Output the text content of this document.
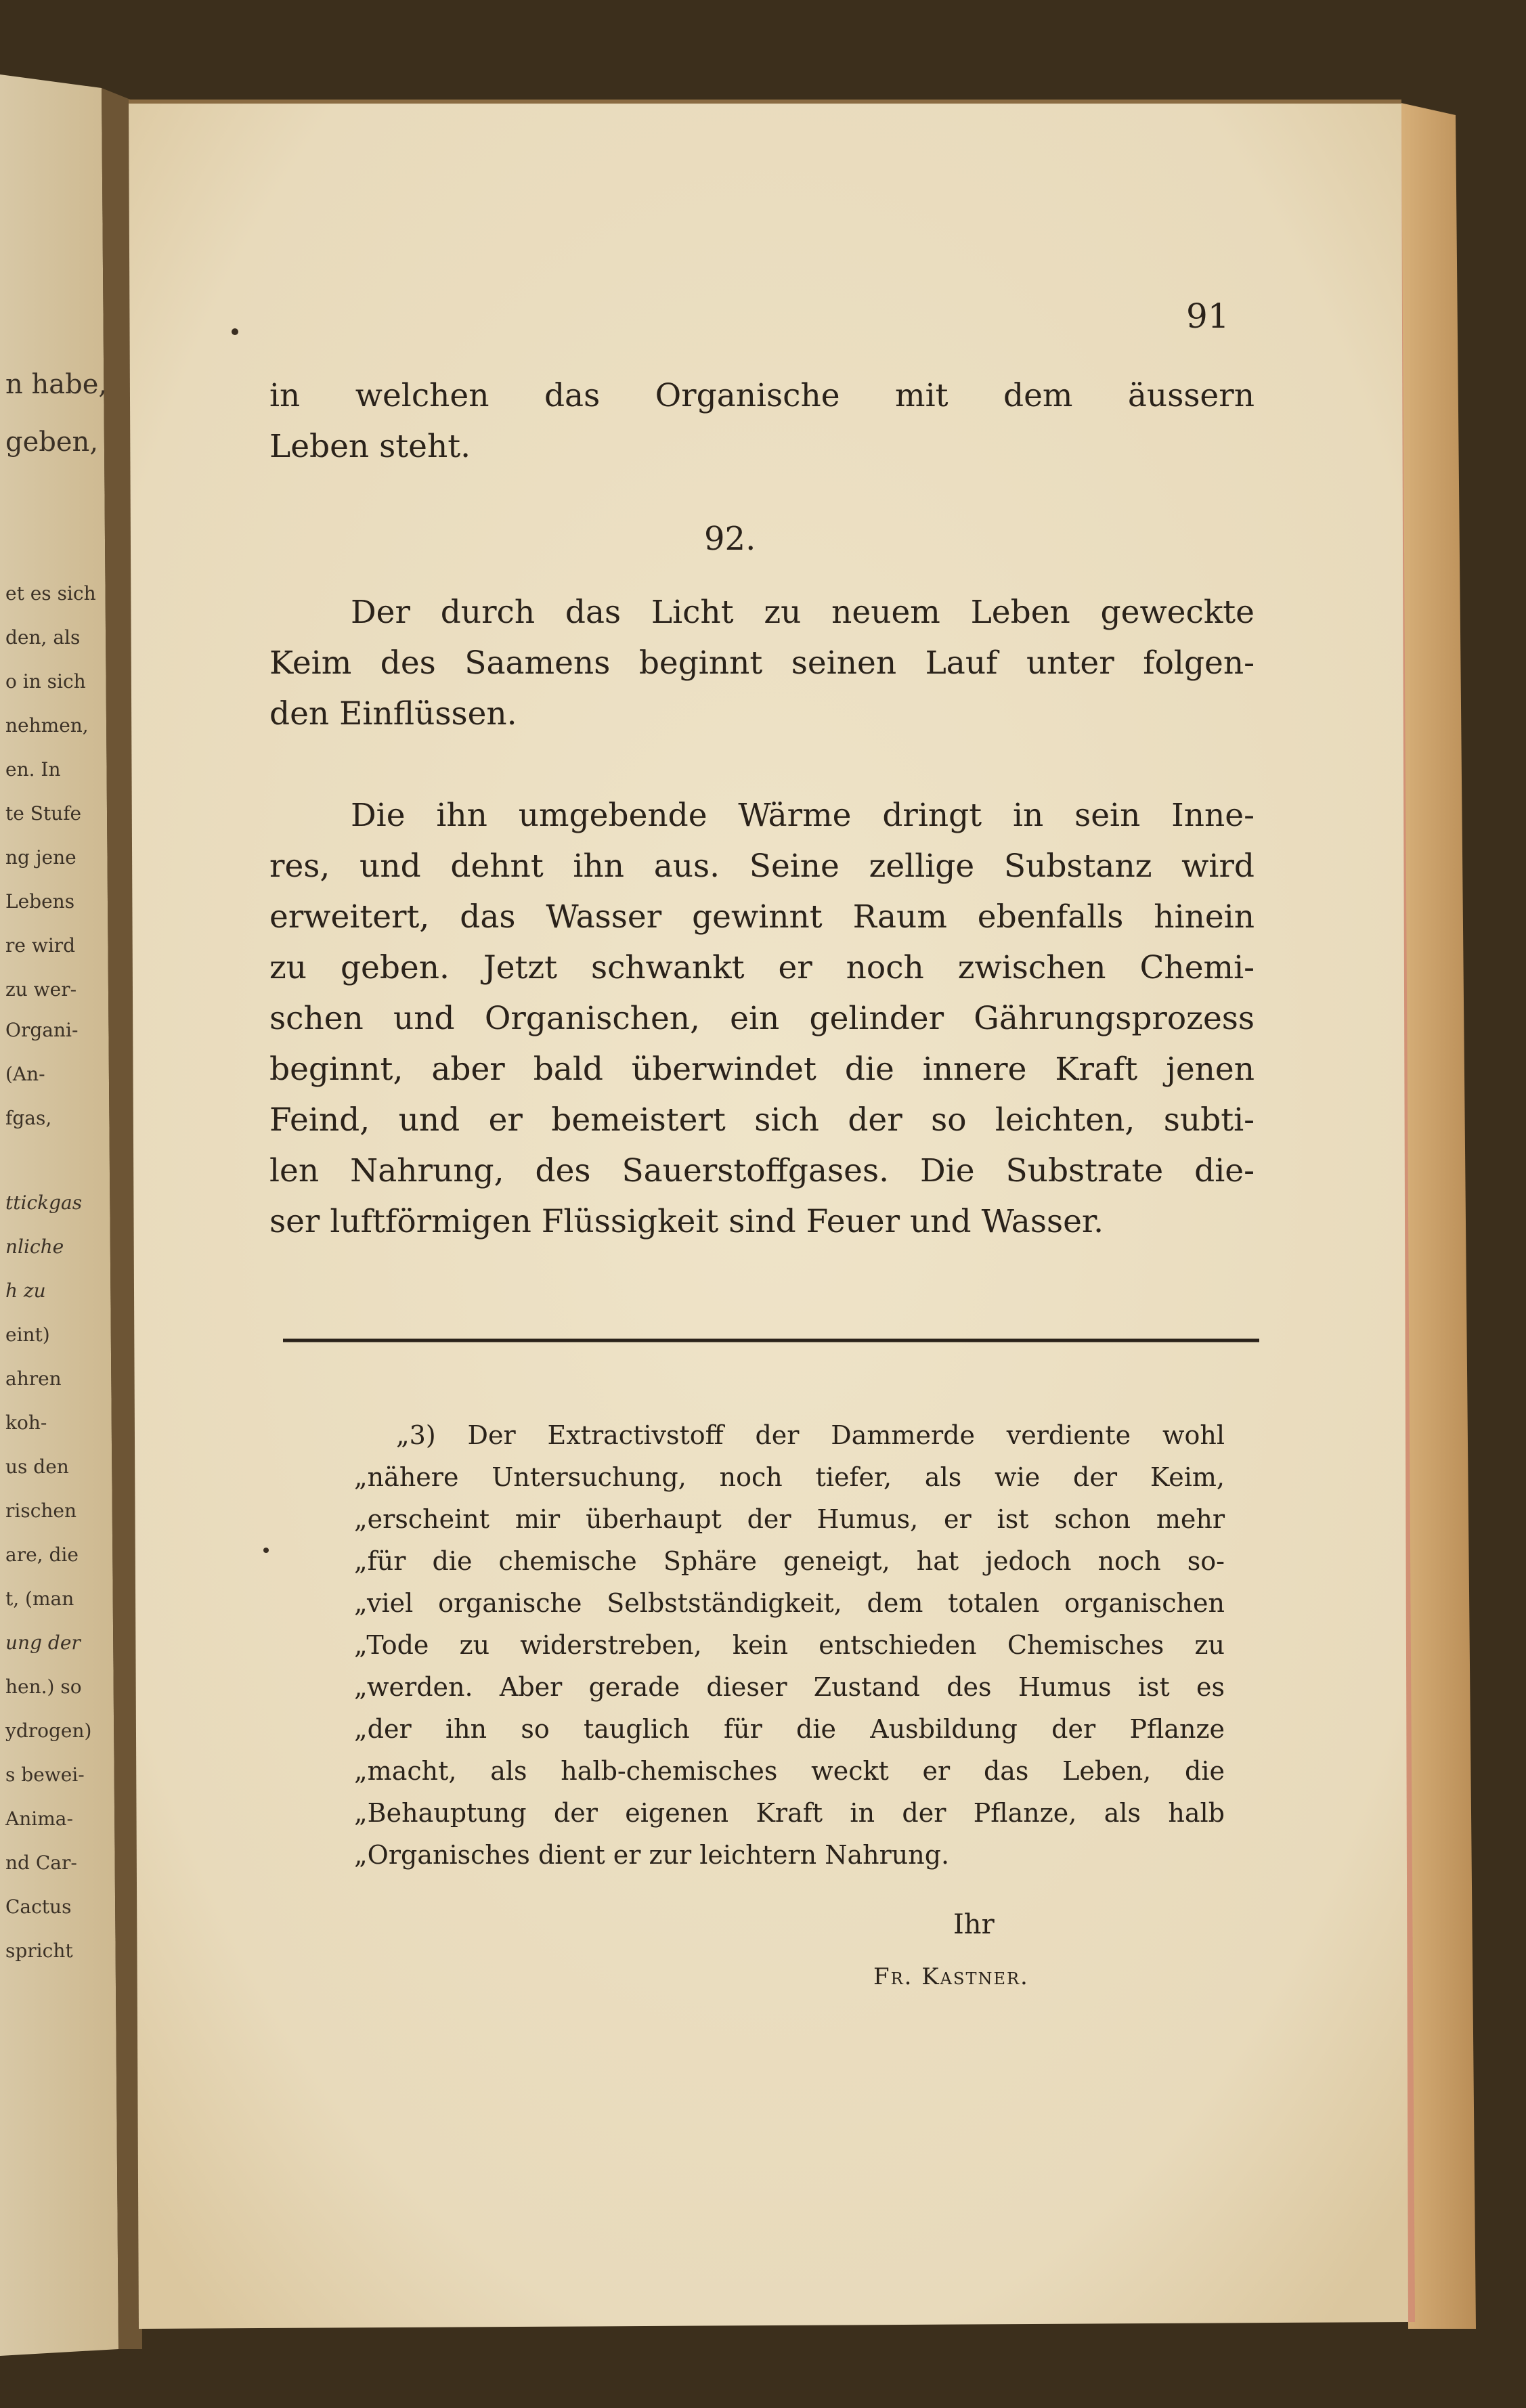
91
in welchen das Organische mit dem äussern
Leben steht.
92.
Der durch das Licht zu neuem Leben geweckte
Keim des Saamens beginnt seinen Lauf unter folgen-
den Einflüssen.
Die ihn umgebende Wärme dringt in sein Inne-
res, und dehnt ihn aus. Seine zellige Substanz wird
erweitert, das Wasser gewinnt Raum ebenfalls hinein
zu geben. Jetzt schwankt er noch zwischen Chemi-
schen und Organischen, ein gelinder Gährungsprozess
beginnt, aber bald überwindet die innere Kraft jenen
Feind, und er bemeistert sich der so leichten, subti-
len Nahrung, des Sauerstoffgases. Die Substrate die-
ser luftförmigen Flüssigkeit sind Feuer und Wasser.
„3) Der Extractivstoff der Dammerde verdiente wohl
„nähere Untersuchung, noch tiefer, als wie der Keim,
„erscheint mir überhaupt der Humus, er ist schon mehr
„für die chemische Sphäre geneigt, hat jedoch noch so-
„viel organische Selbstständigkeit, dem totalen organischen
„Tode zu widerstreben, kein entschieden Chemisches zu
„werden. Aber gerade dieser Zustand des Humus ist es
„der ihn so tauglich für die Ausbildung der Pflanze
„macht, als halb-chemisches weckt er das Leben, die
„Behauptung der eigenen Kraft in der Pflanze, als halb
„Organisches dient er zur leichtern Nahrung.
Ihr
Fr. Kastner.
n habe,
geben,
et es sich
den, als
o in sich
nehmen,
en. In
te Stufe
ng jene
Lebens
re wird
zu wer-
Organi-
(An-
fgas,
ttickgas
nliche
h zu
eint)
ahren
koh-
us den
rischen
are, die
t, (man
ung der
hen.) so
ydrogen)
s bewei-
Anima-
nd Car-
Cactus
spricht
